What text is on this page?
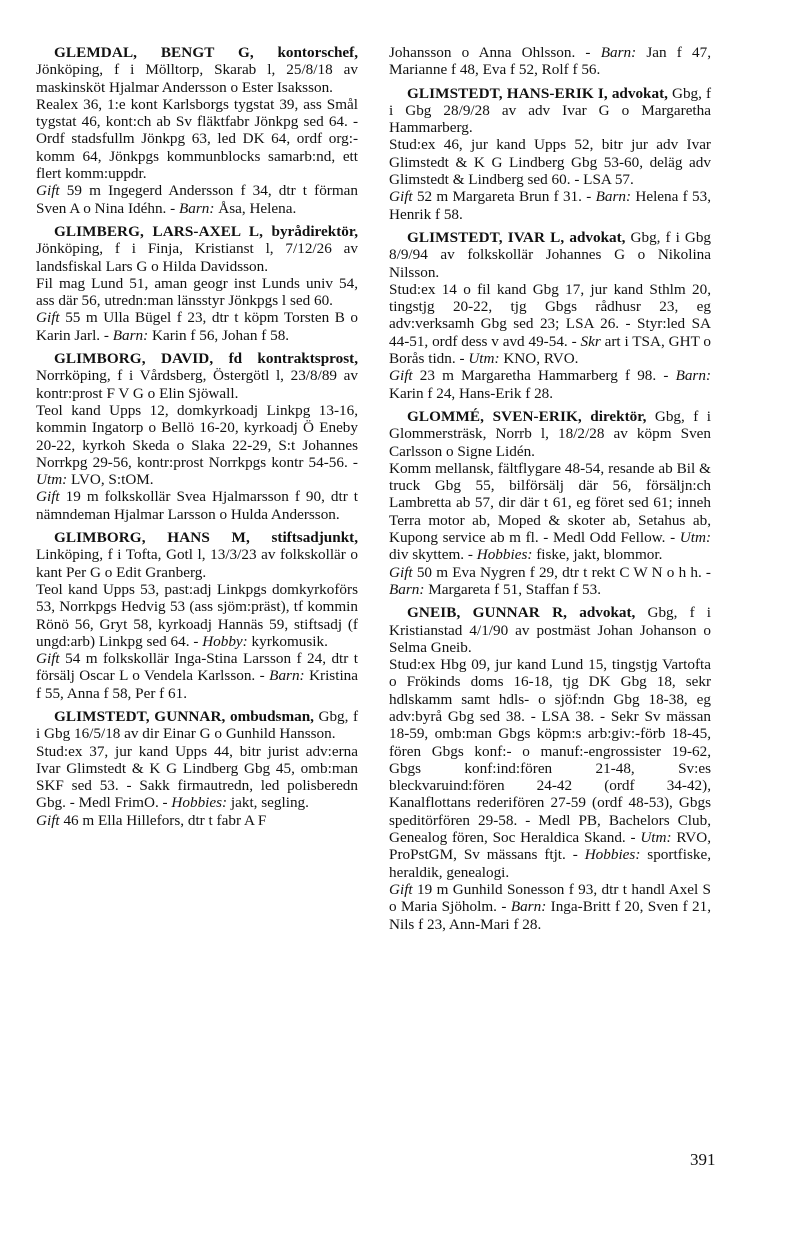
GLEMDAL, BENGT G, kontorschef, Jönköping, f i Mölltorp, Skarab l, 25/8/18 av maskinsköt Hjalmar Andersson o Ester Isaksson.

Realex 36, 1:e kont Karlsborgs tygstat 39, ass Smål tygstat 46, kont:ch ab Sv fläktfabr Jönkpg sed 64. - Ordf stadsfullm Jönkpg 63, led DK 64, ordf org:-komm 64, Jönkpgs kommunblocks samarb:nd, ett flert komm:uppdr.

Gift 59 m Ingegerd Andersson f 34, dtr t förman Sven A o Nina Idéhn. - Barn: Åsa, Helena.

GLIMBERG, LARS-AXEL L, byrådirektör, Jönköping, f i Finja, Kristianst l, 7/12/26 av landsfiskal Lars G o Hilda Davidsson.

Fil mag Lund 51, aman geogr inst Lunds univ 54, ass där 56, utredn:man länsstyr Jönkpgs l sed 60.

Gift 55 m Ulla Bügel f 23, dtr t köpm Torsten B o Karin Jarl. - Barn: Karin f 56, Johan f 58.

GLIMBORG, DAVID, fd kontraktsprost, Norrköping, f i Vårdsberg, Östergötl l, 23/8/89 av kontr:prost F V G o Elin Sjöwall.

Teol kand Upps 12, domkyrkoadj Linkpg 13-16, kommin Ingatorp o Bellö 16-20, kyrkoadj Ö Eneby 20-22, kyrkoh Skeda o Slaka 22-29, S:t Johannes Norrkpg 29-56, kontr:prost Norrkpgs kontr 54-56. - Utm: LVO, S:tOM.

Gift 19 m folkskollär Svea Hjalmarsson f 90, dtr t nämndeman Hjalmar Larsson o Hulda Andersson.

GLIMBORG, HANS M, stiftsadjunkt, Linköping, f i Tofta, Gotl l, 13/3/23 av folkskollär o kant Per G o Edit Granberg.

Teol kand Upps 53, past:adj Linkpgs domkyrkoförs 53, Norrkpgs Hedvig 53 (ass sjöm:präst), tf kommin Rönö 56, Gryt 58, kyrkoadj Hannäs 59, stiftsadj (f ungd:arb) Linkpg sed 64. - Hobby: kyrkomusik.

Gift 54 m folkskollär Inga-Stina Larsson f 24, dtr t försälj Oscar L o Vendela Karlsson. - Barn: Kristina f 55, Anna f 58, Per f 61.

GLIMSTEDT, GUNNAR, ombudsman, Gbg, f i Gbg 16/5/18 av dir Einar G o Gunhild Hansson.

Stud:ex 37, jur kand Upps 44, bitr jurist adv:erna Ivar Glimstedt & K G Lindberg Gbg 45, omb:man SKF sed 53. - Sakk firmautredn, led polisberedn Gbg. - Medl FrimO. - Hobbies: jakt, segling.

Gift 46 m Ella Hillefors, dtr t fabr A F

Johansson o Anna Ohlsson. - Barn: Jan f 47, Marianne f 48, Eva f 52, Rolf f 56.

GLIMSTEDT, HANS-ERIK I, advokat, Gbg, f i Gbg 28/9/28 av adv Ivar G o Margaretha Hammarberg.

Stud:ex 46, jur kand Upps 52, bitr jur adv Ivar Glimstedt & K G Lindberg Gbg 53-60, deläg adv Glimstedt & Lindberg sed 60. - LSA 57.

Gift 52 m Margareta Brun f 31. - Barn: Helena f 53, Henrik f 58.

GLIMSTEDT, IVAR L, advokat, Gbg, f i Gbg 8/9/94 av folkskollär Johannes G o Nikolina Nilsson.

Stud:ex 14 o fil kand Gbg 17, jur kand Sthlm 20, tingstjg 20-22, tjg Gbgs rådhusr 23, eg adv:verksamh Gbg sed 23; LSA 26. - Styr:led SA 44-51, ordf dess v avd 49-54. - Skr art i TSA, GHT o Borås tidn. - Utm: KNO, RVO.

Gift 23 m Margaretha Hammarberg f 98. - Barn: Karin f 24, Hans-Erik f 28.

GLOMMÉ, SVEN-ERIK, direktör, Gbg, f i Glommersträsk, Norrb l, 18/2/28 av köpm Sven Carlsson o Signe Lidén.

Komm mellansk, fältflygare 48-54, resande ab Bil & truck Gbg 55, bilförsälj där 56, försäljn:ch Lambretta ab 57, dir där t 61, eg föret sed 61; inneh Terra motor ab, Moped & skoter ab, Setahus ab, Kupong service ab m fl. - Medl Odd Fellow. - Utm: div skyttem. - Hobbies: fiske, jakt, blommor.

Gift 50 m Eva Nygren f 29, dtr t rekt C W N o h h. - Barn: Margareta f 51, Staffan f 53.

GNEIB, GUNNAR R, advokat, Gbg, f i Kristianstad 4/1/90 av postmäst Johan Johanson o Selma Gneib.

Stud:ex Hbg 09, jur kand Lund 15, tingstjg Vartofta o Frökinds doms 16-18, tjg DK Gbg 18, sekr hdlskamm samt hdls- o sjöf:ndn Gbg 18-38, eg adv:byrå Gbg sed 38. - LSA 38. - Sekr Sv mässan 18-59, omb:man Gbgs köpm:s arb:giv:-förb 18-45, fören Gbgs konf:- o manuf:-engrossister 19-62, Gbgs konf:ind:fören 21-48, Sv:es bleckvaruind:fören 24-42 (ordf 34-42), Kanalflottans rederifören 27-59 (ordf 48-53), Gbgs speditörfören 29-58. - Medl PB, Bachelors Club, Genealog fören, Soc Heraldica Skand. - Utm: RVO, ProPstGM, Sv mässans ftjt. - Hobbies: sportfiske, heraldik, genealogi.

Gift 19 m Gunhild Sonesson f 93, dtr t handl Axel S o Maria Sjöholm. - Barn: Inga-Britt f 20, Sven f 21, Nils f 23, Ann-Mari f 28.

391
